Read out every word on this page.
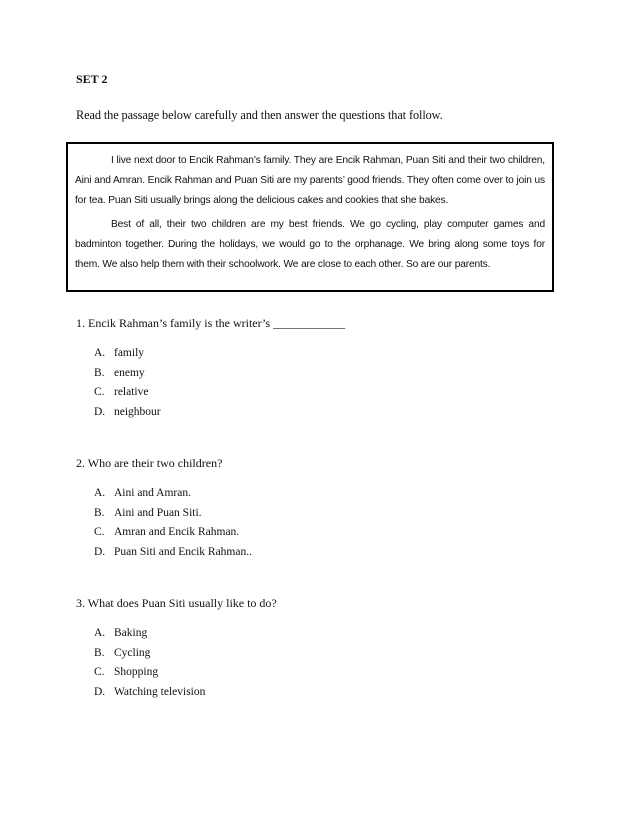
SET 2
Read the passage below carefully and then answer the questions that follow.

I live next door to Encik Rahman’s family. They are Encik Rahman, Puan Siti and their two children, Aini and Amran. Encik Rahman and Puan Siti are my parents’ good friends. They often come over to join us for tea. Puan Siti usually brings along the delicious cakes and cookies that she bakes.

Best of all, their two children are my best friends. We go cycling, play computer games and badminton together. During the holidays, we would go to the orphanage. We bring along some toys for them. We also help them with their schoolwork. We are close to each other. So are our parents.

1. Encik Rahman’s family is the writer’s ____________
A. family
B. enemy
C. relative
D. neighbour
2. Who are their two children?
A. Aini and Amran.
B. Aini and Puan Siti.
C. Amran and Encik Rahman.
D. Puan Siti and Encik Rahman..
3. What does Puan Siti usually like to do?
A. Baking
B. Cycling
C. Shopping
D. Watching television
